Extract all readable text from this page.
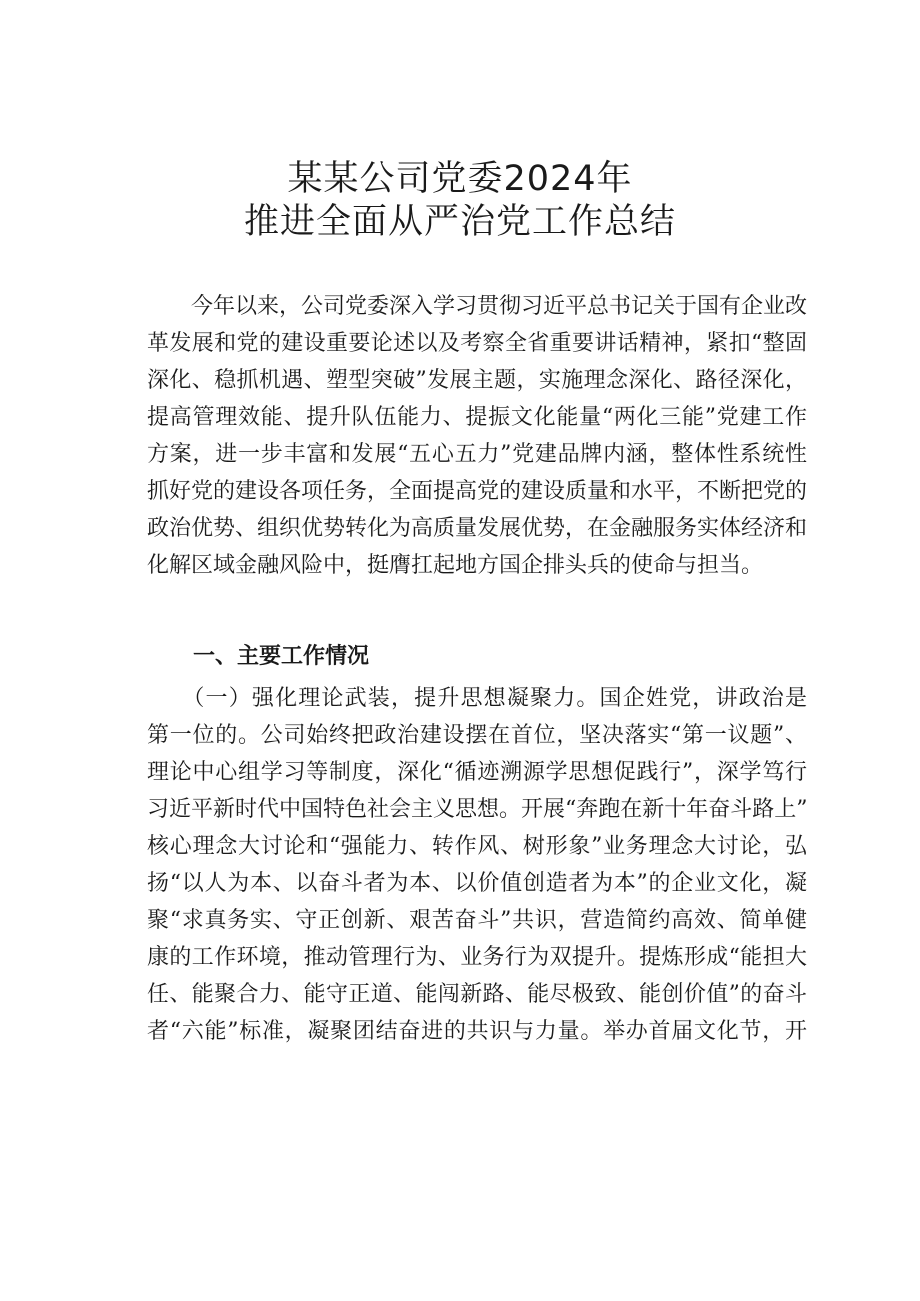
某某公司党委2024年
推进全面从严治党工作总结
　　今年以来，公司党委深入学习贯彻习近平总书记关于国有企业改
革发展和党的建设重要论述以及考察全省重要讲话精神，紧扣“整固
深化、稳抓机遇、塑型突破”发展主题，实施理念深化、路径深化，
提高管理效能、提升队伍能力、提振文化能量“两化三能”党建工作
方案，进一步丰富和发展“五心五力”党建品牌内涵，整体性系统性
抓好党的建设各项任务，全面提高党的建设质量和水平，不断把党的
政治优势、组织优势转化为高质量发展优势，在金融服务实体经济和
化解区域金融风险中，挺膺扛起地方国企排头兵的使命与担当。
一、主要工作情况
　　（一）强化理论武装，提升思想凝聚力。国企姓党，讲政治是
第一位的。公司始终把政治建设摆在首位，坚决落实“第一议题”、
理论中心组学习等制度，深化“循迹溯源学思想促践行”，深学笃行
习近平新时代中国特色社会主义思想。开展“奔跑在新十年奋斗路上”
核心理念大讨论和“强能力、转作风、树形象”业务理念大讨论，弘
扬“以人为本、以奋斗者为本、以价值创造者为本”的企业文化，凝
聚“求真务实、守正创新、艰苦奋斗”共识，营造简约高效、简单健
康的工作环境，推动管理行为、业务行为双提升。提炼形成“能担大
任、能聚合力、能守正道、能闯新路、能尽极致、能创价值”的奋斗
者“六能”标准，凝聚团结奋进的共识与力量。举办首届文化节，开
